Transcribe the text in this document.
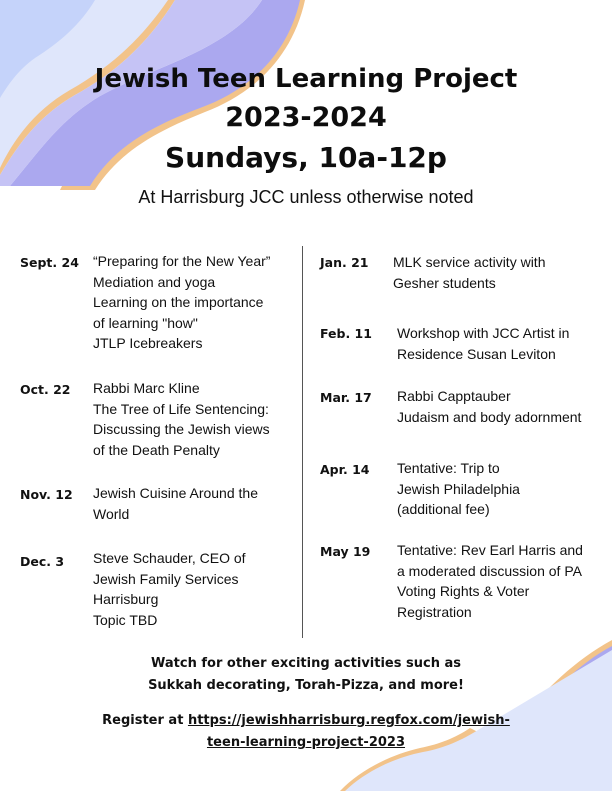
Jewish Teen Learning Project
2023-2024
Sundays, 10a-12p
At Harrisburg JCC unless otherwise noted
Sept. 24 “Preparing for the New Year”
Mediation and yoga
Learning on the importance
of learning "how"
JTLP Icebreakers
Oct. 22 Rabbi Marc Kline
The Tree of Life Sentencing:
Discussing the Jewish views
of the Death Penalty
Nov. 12 Jewish Cuisine Around the
World
Dec. 3 Steve Schauder, CEO of
Jewish Family Services
Harrisburg
Topic TBD
Jan. 21 MLK service activity with
Gesher students
Feb. 11 Workshop with JCC Artist in
Residence Susan Leviton
Mar. 17 Rabbi Capptauber
Judaism and body adornment
Apr. 14 Tentative: Trip to
Jewish Philadelphia
(additional fee)
May 19 Tentative: Rev Earl Harris and
a moderated discussion of PA
Voting Rights & Voter
Registration
Watch for other exciting activities such as
Sukkah decorating, Torah-Pizza, and more!
Register at https://jewishharrisburg.regfox.com/jewish-
teen-learning-project-2023
